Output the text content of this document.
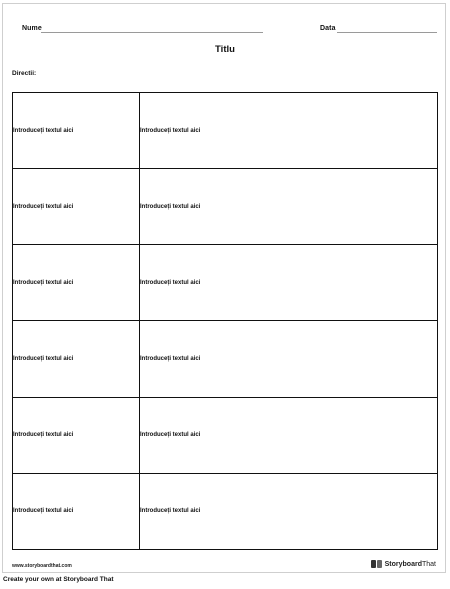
Nume	Data
Titlu
Directii:
Introduceți textul aici	Introduceți textul aici
Introduceți textul aici	Introduceți textul aici
Introduceți textul aici	Introduceți textul aici
Introduceți textul aici	Introduceți textul aici
Introduceți textul aici	Introduceți textul aici
Introduceți textul aici	Introduceți textul aici
www.storyboardthat.com	Storyboard That
Create your own at Storyboard That
